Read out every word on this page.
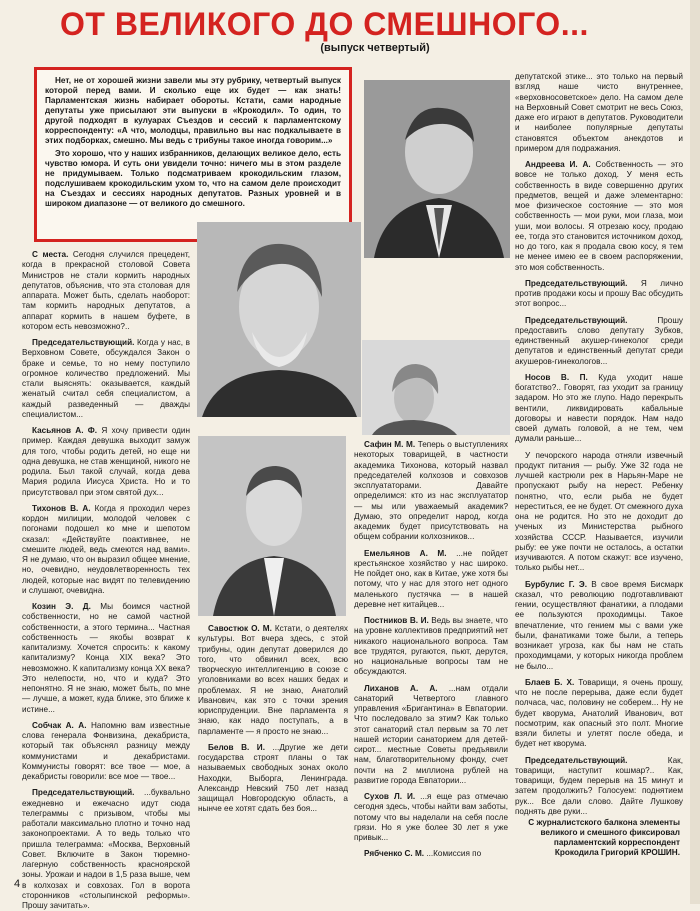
ОТ ВЕЛИКОГО ДО СМЕШНОГО...
(выпуск четвертый)

Нет, не от хорошей жизни завели мы эту рубрику, четвертый выпуск которой перед вами. И сколько еще их будет — как знать! Парламентская жизнь набирает обороты. Кстати, сами народные депутаты уже присылают эти выпуски в «Крокодил». То один, то другой подходят в кулуарах Съездов и сессий к парламентскому корреспонденту: «А что, молодцы, правильно вы нас подкалываете в этих подборках, смешно. Мы ведь с трибуны такое иногда говорим...»

Это хорошо, что у наших избранников, делающих великое дело, есть чувство юмора. И суть они увидели точно: ничего мы в этом разделе не придумываем. Только подсматриваем крокодильским глазом, подслушиваем крокодильским ухом то, что на самом деле происходит на Съездах и сессиях народных депутатов. Разных уровней и в широком диапазоне — от великого до смешного.

С места. Сегодня случился прецедент, когда в прекрасной столовой Совета Министров не стали кормить народных депутатов, объяснив, что эта столовая для аппарата. Может быть, сделать наоборот: там кормить народных депутатов, а аппарат кормить в нашем буфете, в котором есть невозможно?..

Председательствующий. Когда у нас, в Верховном Совете, обсуждался Закон о браке и семье, то но нему поступило огромное количество предложений. Мы стали выяснять: оказывается, каждый женатый считал себя специалистом, а каждый разведенный — дважды специалистом...

Касьянов А. Ф. Я хочу привести один пример. Каждая девушка выходит замуж для того, чтобы родить детей, но еще ни одна девушка, не став женщиной, никого не родила. Был такой случай, когда дева Мария родила Иисуса Христа. Но и то присутствовал при этом святой дух...

Тихонов В. А. Когда я проходил через кордон милиции, молодой человек с погонами подошел ко мне и шепотом сказал: «Действуйте поактивнее, не смешите людей, ведь смеются над вами». Я не думаю, что он выразил общее мнение, но, очевидно, неудовлетворенность тех людей, которые нас видят по телевидению и слушают, очевидна.

Козин Э. Д. Мы боимся частной собственности, но не самой частной собственности, а этого термина... Частная собственность — якобы возврат к капитализму. Хочется спросить: к какому капитализму? Конца XIX века? Это невозможно. К капитализму конца XX века? Это нелепости, но, что и куда? Это непонятно. Я не знаю, может быть, по мне — лучше, а может, куда ближе, это ближе к истине...

Собчак А. А. Напомню вам известные слова генерала Фонвизина, декабриста, который так объяснял разницу между коммунистами и декабристами. Коммунисты говорят: все твое — мое, а декабристы говорили: все мое — твое...

Председательствующий. ...буквально ежедневно и ежечасно идут сюда телеграммы с призывом, чтобы мы работали максимально плотно и точно над законопроектами. А то ведь только что пришла телеграмма: «Москва, Верховный Совет. Включите в Закон тюремно-лагерную собственность красноярской зоны. Урожаи и надои в 1,5 раза выше, чем в колхозах и совхозах. Гол в ворота сторонников «столыпинской реформы». Прошу зачитать».

Савостюк О. М. Кстати, о деятелях культуры. Вот вчера здесь, с этой трибуны, один депутат доверился до того, что обвинил всех, всю творческую интеллигенцию в союзе с уголовниками во всех наших бедах и проблемах. Я не знаю, Анатолий Иванович, как это с точки зрения юриспруденции. Вне парламента я знаю, как надо поступать, а в парламенте — я просто не знаю...

Белов В. И. ...Другие же дети государства строят планы о так называемых свободных зонах около Находки, Выборга, Ленинграда. Александр Невский 750 лет назад защищал Новгородскую область, а нынче ее хотят сдать без боя...

Сафин М. М. Теперь о выступлениях некоторых товарищей, в частности академика Тихонова, который назвал председателей колхозов и совхозов эксплуататорами. Давайте определимся: кто из нас эксплуататор — мы или уважаемый академик? Думаю, это определит народ, когда академик будет присутствовать на общем собрании колхозников...

Емельянов А. М. ...не пойдет крестьянское хозяйство у нас широко. Не пойдет оно, как в Китае, уже хотя бы потому, что у нас для этого нет одного маленького пустячка — в нашей деревне нет китайцев...

Постников В. И. Ведь вы знаете, что на уровне коллективов предприятий нет никакого национального вопроса. Там все трудятся, ругаются, пьют, дерутся, но национальные вопросы там не обсуждаются.

Лиханов А. А. ...нам отдали санаторий Четвертого главного управления «Бригантина» в Евпатории. Что последовало за этим? Как только этот санаторий стал первым за 70 лет нашей истории санаторием для детей-сирот... местные Советы предъявили нам, благотворительному фонду, счет почти на 2 миллиона рублей на развитие города Евпатории...

Сухов Л. И. ...я еще раз отмечаю сегодня здесь, чтобы найти вам заботы, потому что вы наделали на себя после грязи. Но я уже более 30 лет я уже привык...

Рябченко С. М. ...Комиссия по

депутатской этике... это только на первый взгляд наше чисто внутреннее, «верховносоветское» дело. На самом деле на Верховный Совет смотрит не весь Союз, даже его играют в депутатов. Руководители и наиболее популярные депутаты становятся объектом анекдотов и примером для подражания.

Андреева И. А. Собственность — это вовсе не только доход. У меня есть собственность в виде совершенно других предметов, вещей и даже элементарно: мое физическое состояние — это моя собственность — мои руки, мои глаза, мои уши, мои волосы. Я отрезаю косу, продаю ее, тогда это становится источником доход, но до того, как я продала свою косу, я тем не менее имею ее в своем распоряжении, это моя собственность.

Председательствующий. Я лично против продажи косы и прошу Вас обсудить этот вопрос...

Председательствующий. Прошу предоставить слово депутату Зубков, единственный акушер-гинеколог среди депутатов и единственный депутат среди акушеров-гинекологов...

Носов В. П. Куда уходит наше богатство?.. Говорят, газ уходит за границу задаром. Но это же глупо. Надо перекрыть вентили, ликвидировать кабальные договоры и навести порядок. Нам надо своей думать головой, а не тем, чем думали раньше...

У печорского народа отняли извечный продукт питания — рыбу. Уже 32 года не лучшей кастрюли рек в Нарьян-Маре не пропускают рыбу на нерест. Ребенку понятно, что, если рыба не будет нереститься, ее не будет. От смежного духа она не родится. Но это не доходит до ученых из Министерства рыбного хозяйства СССР. Называется, изучили рыбу: ее уже почти не осталось, а остатки изучиваются. А потом скажут: все изучено, только рыбы нет...

Бурбулис Г. Э. В свое время Бисмарк сказал, что революцию подготавливают гении, осуществляют фанатики, а плодами ее пользуются проходимцы. Такое впечатление, что гением мы с вами уже были, фанатиками тоже были, а теперь возникает угроза, как бы нам не стать проходимцами, у которых никогда проблем не было...

Блаев Б. Х. Товарищи, я очень прошу, что не после перерыва, даже если будет полчаса, час, половину не соберем... Ну не будет кворума, Анатолий Иванович, вот посмотрим, как опасный это полт. Многие взяли билеты и улетят после обеда, и будет нет кворума.

Председательствующий. Как, товарищи, наступит кошмар?.. Как, товарищи, будем перерыв на 15 минут и затем продолжить? Голосуем: поднятием рук... Все дали слово. Дайте Лушкову поднять две руки...

С журналистского балкона элементы великого и смешного фиксировал парламентский корреспондент Крокодила Григорий КРОШИН.
4
